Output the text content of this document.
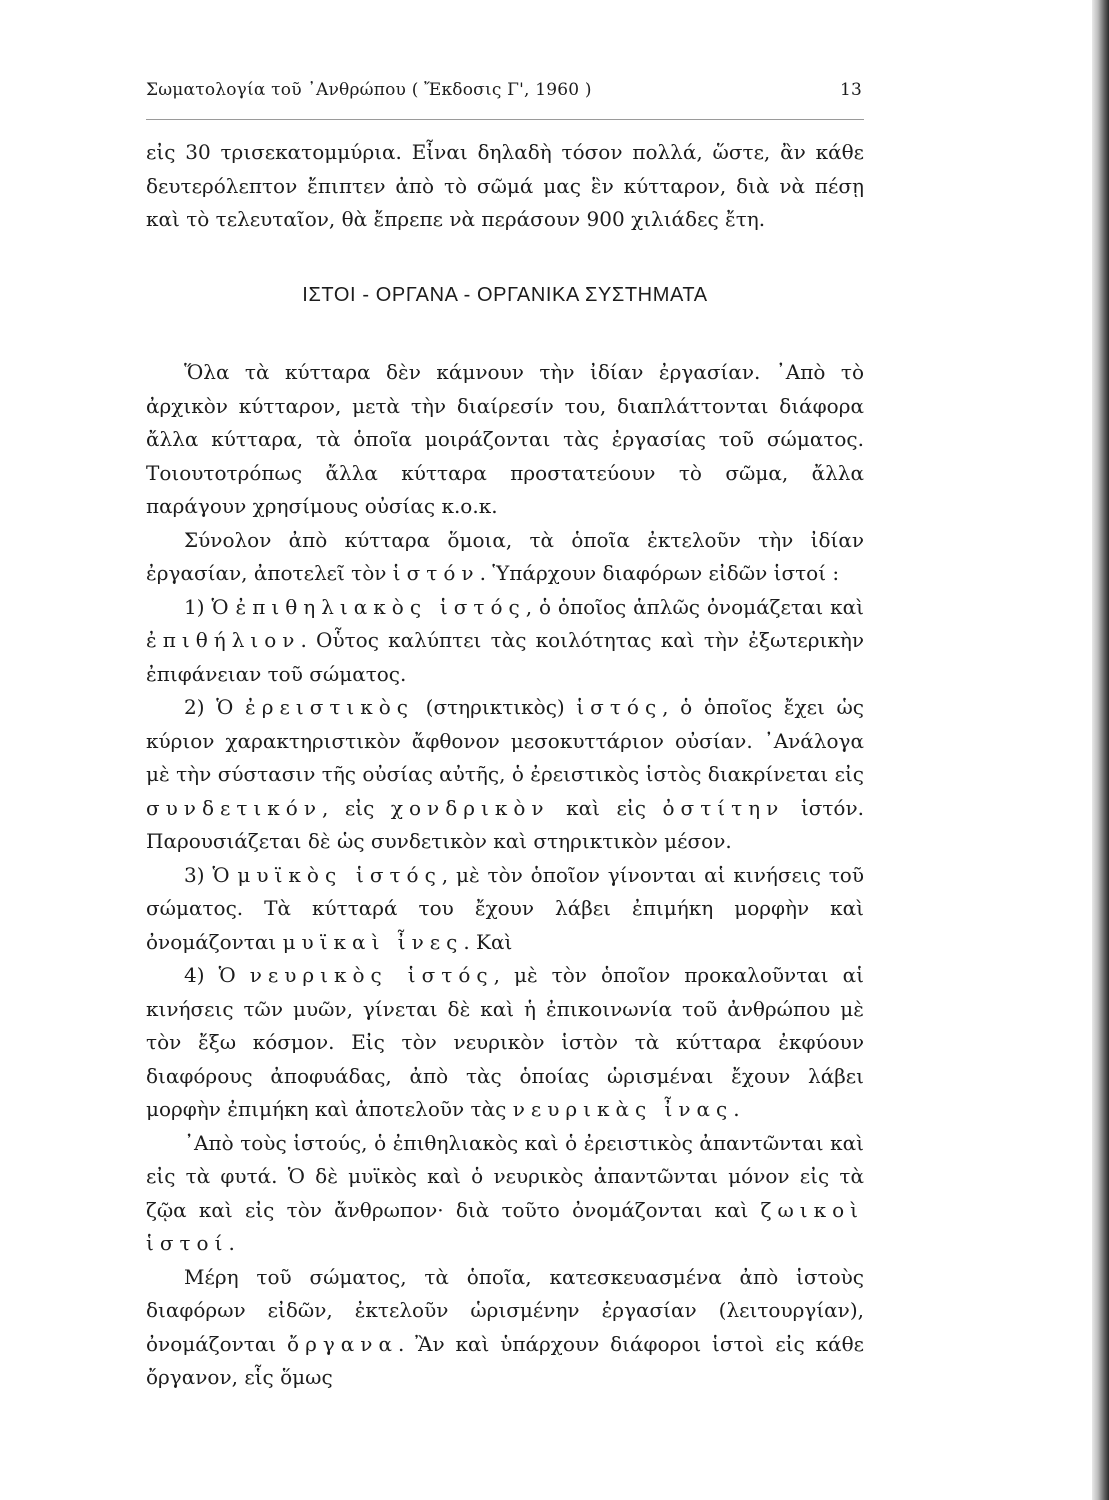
Σωματολογία τοῦ ᾿Ανθρώπου ( Ἔκδοσις Γ', 1960 )	13

εἰς 30 τρισεκατομμύρια. Εἶναι δηλαδὴ τόσον πολλά, ὥστε, ἂν κάθε δευτερόλεπτον ἔπιπτεν ἀπὸ τὸ σῶμά μας ἓν κύτταρον, διὰ νὰ πέσῃ καὶ τὸ τελευταῖον, θὰ ἔπρεπε νὰ περάσουν 900 χιλιάδες ἔτη.

ΙΣΤΟΙ - ΟΡΓΑΝΑ - ΟΡΓΑΝΙΚΑ ΣΥΣΤΗΜΑΤΑ

Ὅλα τὰ κύτταρα δὲν κάμνουν τὴν ἰδίαν ἐργασίαν. ᾿Απὸ τὸ ἀρχικὸν κύτταρον, μετὰ τὴν διαίρεσίν του, διαπλάττονται διάφορα ἄλλα κύτταρα, τὰ ὁποῖα μοιράζονται τὰς ἐργασίας τοῦ σώματος. Τοιουτοτρόπως ἄλλα κύτταρα προστατεύουν τὸ σῶμα, ἄλλα παράγουν χρησίμους οὐσίας κ.ο.κ.

Σύνολον ἀπὸ κύτταρα ὅμοια, τὰ ὁποῖα ἐκτελοῦν τὴν ἰδίαν ἐργασίαν, ἀποτελεῖ τὸν ἱστόν. Ὑπάρχουν διαφόρων εἰδῶν ἱστοί :

1) Ὁ ἐπιθηλιακὸς ἱστός, ὁ ὁποῖος ἁπλῶς ὀνομάζεται καὶ ἐπιθήλιον. Οὗτος καλύπτει τὰς κοιλότητας καὶ τὴν ἐξωτερικὴν ἐπιφάνειαν τοῦ σώματος.

2) Ὁ ἐρειστικὸς (στηρικτικὸς) ἱστός, ὁ ὁποῖος ἔχει ὡς κύριον χαρακτηριστικὸν ἄφθονον μεσοκυττάριον οὐσίαν. ᾿Ανάλογα μὲ τὴν σύστασιν τῆς οὐσίας αὐτῆς, ὁ ἐρειστικὸς ἱστὸς διακρίνεται εἰς συνδετικόν, εἰς χονδρικὸν καὶ εἰς ὀστίτην ἱστόν. Παρουσιάζεται δὲ ὡς συνδετικὸν καὶ στηρικτικὸν μέσον.

3) Ὁ μυϊκὸς ἱστός, μὲ τὸν ὁποῖον γίνονται αἱ κινήσεις τοῦ σώματος. Τὰ κύτταρά του ἔχουν λάβει ἐπιμήκη μορφὴν καὶ ὀνομάζονται μυϊκαὶ ἶνες. Καὶ

4) Ὁ νευρικὸς ἱστός, μὲ τὸν ὁποῖον προκαλοῦνται αἱ κινήσεις τῶν μυῶν, γίνεται δὲ καὶ ἡ ἐπικοινωνία τοῦ ἀνθρώπου μὲ τὸν ἔξω κόσμον. Εἰς τὸν νευρικὸν ἱστὸν τὰ κύτταρα ἐκφύουν διαφόρους ἀποφυάδας, ἀπὸ τὰς ὁποίας ὡρισμέναι ἔχουν λάβει μορφὴν ἐπιμήκη καὶ ἀποτελοῦν τὰς νευρικὰς ἶνας.

᾿Απὸ τοὺς ἱστούς, ὁ ἐπιθηλιακὸς καὶ ὁ ἐρειστικὸς ἀπαντῶνται καὶ εἰς τὰ φυτά. Ὁ δὲ μυϊκὸς καὶ ὁ νευρικὸς ἀπαντῶνται μόνον εἰς τὰ ζῷα καὶ εἰς τὸν ἄνθρωπον· διὰ τοῦτο ὀνομάζονται καὶ ζωικοὶ ἱστοί.

Μέρη τοῦ σώματος, τὰ ὁποῖα, κατεσκευασμένα ἀπὸ ἱστοὺς διαφόρων εἰδῶν, ἐκτελοῦν ὡρισμένην ἐργασίαν (λειτουργίαν), ὀνομάζονται ὄργανα. Ἂν καὶ ὑπάρχουν διάφοροι ἱστοὶ εἰς κάθε ὄργανον, εἷς ὅμως
